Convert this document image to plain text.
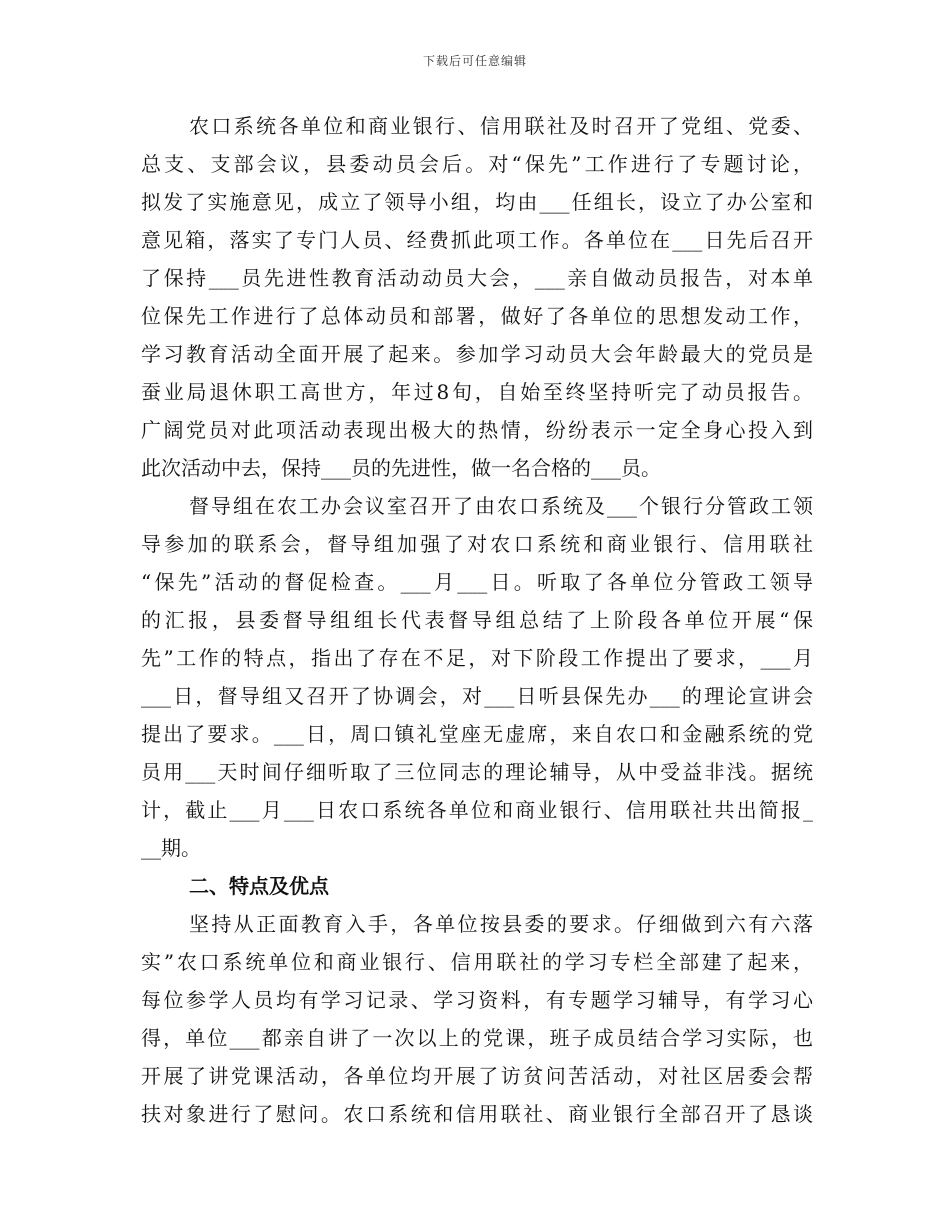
下载后可任意编辑
农口系统各单位和商业银行、信用联社及时召开了党组、党委、
总支、支部会议，县委动员会后。对“保先”工作进行了专题讨论，
拟发了实施意见，成立了领导小组，均由___任组长，设立了办公室和
意见箱，落实了专门人员、经费抓此项工作。各单位在___日先后召开
了保持___员先进性教育活动动员大会，___亲自做动员报告，对本单
位保先工作进行了总体动员和部署，做好了各单位的思想发动工作，
学习教育活动全面开展了起来。参加学习动员大会年龄最大的党员是
蚕业局退休职工高世方，年过8旬，自始至终坚持听完了动员报告。
广阔党员对此项活动表现出极大的热情，纷纷表示一定全身心投入到
此次活动中去，保持___员的先进性，做一名合格的___员。
督导组在农工办会议室召开了由农口系统及___个银行分管政工领
导参加的联系会，督导组加强了对农口系统和商业银行、信用联社
“保先”活动的督促检查。___月___日。听取了各单位分管政工领导
的汇报，县委督导组组长代表督导组总结了上阶段各单位开展“保
先”工作的特点，指出了存在不足，对下阶段工作提出了要求，___月
___日，督导组又召开了协调会，对___日听县保先办___的理论宣讲会
提出了要求。___日，周口镇礼堂座无虚席，来自农口和金融系统的党
员用___天时间仔细听取了三位同志的理论辅导，从中受益非浅。据统
计，截止___月___日农口系统各单位和商业银行、信用联社共出简报_
__期。
二、特点及优点
坚持从正面教育入手，各单位按县委的要求。仔细做到六有六落
实”农口系统单位和商业银行、信用联社的学习专栏全部建了起来，
每位参学人员均有学习记录、学习资料，有专题学习辅导，有学习心
得，单位___都亲自讲了一次以上的党课，班子成员结合学习实际，也
开展了讲党课活动，各单位均开展了访贫问苦活动，对社区居委会帮
扶对象进行了慰问。农口系统和信用联社、商业银行全部召开了恳谈
